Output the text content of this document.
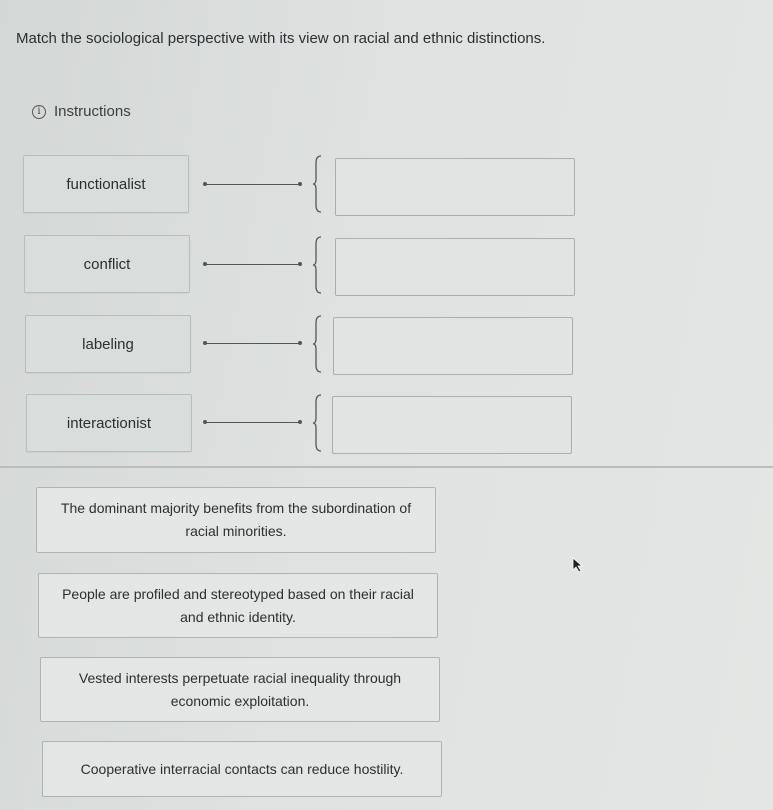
Match the sociological perspective with its view on racial and ethnic distinctions.
i Instructions
functionalist
conflict
labeling
interactionist
The dominant majority benefits from the subordination of racial minorities.
People are profiled and stereotyped based on their racial and ethnic identity.
Vested interests perpetuate racial inequality through economic exploitation.
Cooperative interracial contacts can reduce hostility.
